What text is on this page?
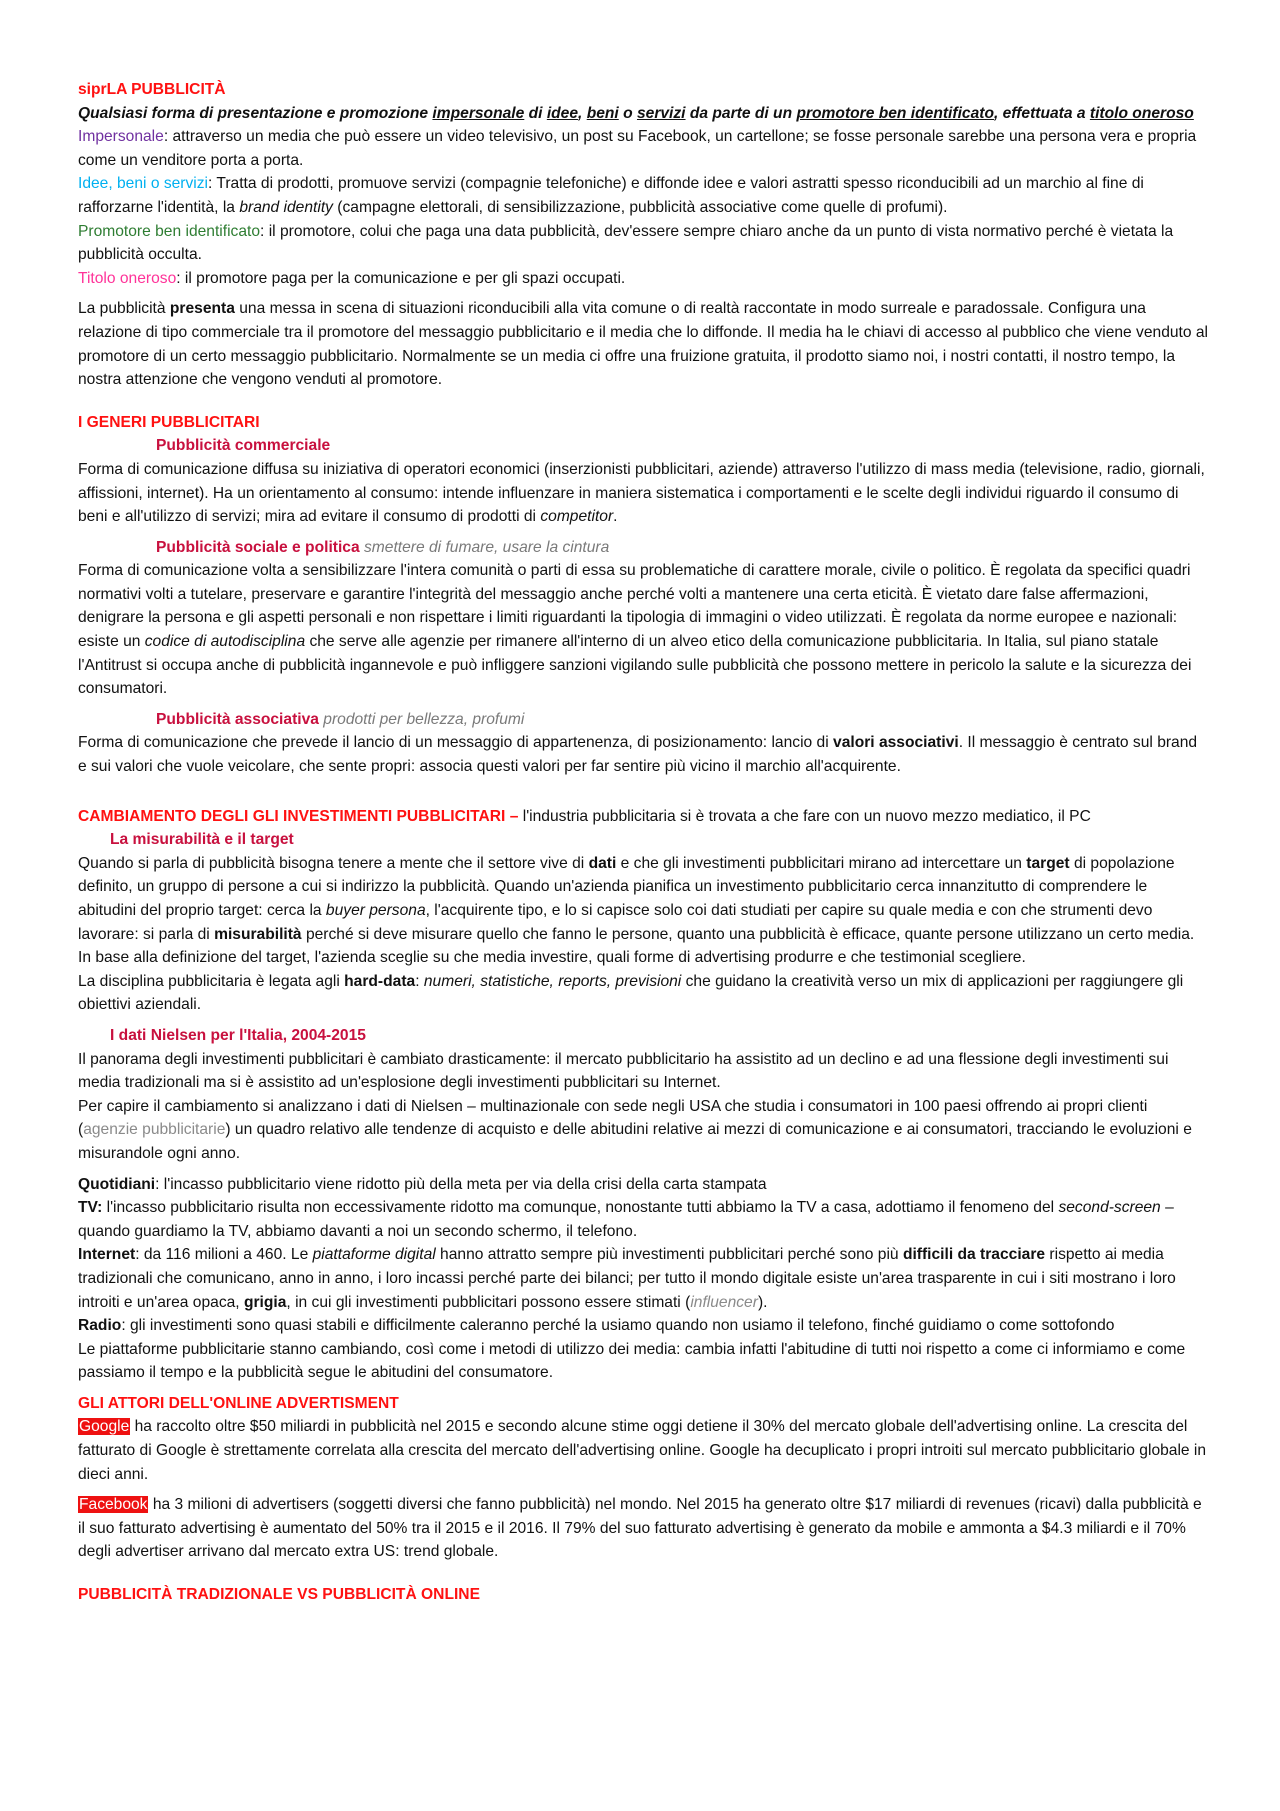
siprLA PUBBLICITÀ

Qualsiasi forma di presentazione e promozione impersonale di idee, beni o servizi da parte di un promotore ben identificato, effettuata a titolo oneroso

Impersonale: attraverso un media che può essere un video televisivo, un post su Facebook, un cartellone; se fosse personale sarebbe una persona vera e propria come un venditore porta a porta.

Idee, beni o servizi: Tratta di prodotti, promuove servizi (compagnie telefoniche) e diffonde idee e valori astratti spesso riconducibili ad un marchio al fine di rafforzarne l'identità, la brand identity (campagne elettorali, di sensibilizzazione, pubblicità associative come quelle di profumi).

Promotore ben identificato: il promotore, colui che paga una data pubblicità, dev'essere sempre chiaro anche da un punto di vista normativo perché è vietata la pubblicità occulta.

Titolo oneroso: il promotore paga per la comunicazione e per gli spazi occupati.

La pubblicità presenta una messa in scena di situazioni riconducibili alla vita comune o di realtà raccontate in modo surreale e paradossale. Configura una relazione di tipo commerciale tra il promotore del messaggio pubblicitario e il media che lo diffonde. Il media ha le chiavi di accesso al pubblico che viene venduto al promotore di un certo messaggio pubblicitario. Normalmente se un media ci offre una fruizione gratuita, il prodotto siamo noi, i nostri contatti, il nostro tempo, la nostra attenzione che vengono venduti al promotore.

I GENERI PUBBLICITARI

Pubblicità commerciale

Forma di comunicazione diffusa su iniziativa di operatori economici (inserzionisti pubblicitari, aziende) attraverso l'utilizzo di mass media (televisione, radio, giornali, affissioni, internet). Ha un orientamento al consumo: intende influenzare in maniera sistematica i comportamenti e le scelte degli individui riguardo il consumo di beni e all'utilizzo di servizi; mira ad evitare il consumo di prodotti di competitor.

Pubblicità sociale e politica smettere di fumare, usare la cintura

Forma di comunicazione volta a sensibilizzare l'intera comunità o parti di essa su problematiche di carattere morale, civile o politico. È regolata da specifici quadri normativi volti a tutelare, preservare e garantire l'integrità del messaggio anche perché volti a mantenere una certa eticità. È vietato dare false affermazioni, denigrare la persona e gli aspetti personali e non rispettare i limiti riguardanti la tipologia di immagini o video utilizzati. È regolata da norme europee e nazionali: esiste un codice di autodisciplina che serve alle agenzie per rimanere all'interno di un alveo etico della comunicazione pubblicitaria. In Italia, sul piano statale l'Antitrust si occupa anche di pubblicità ingannevole e può infliggere sanzioni vigilando sulle pubblicità che possono mettere in pericolo la salute e la sicurezza dei consumatori.

Pubblicità associativa prodotti per bellezza, profumi

Forma di comunicazione che prevede il lancio di un messaggio di appartenenza, di posizionamento: lancio di valori associativi. Il messaggio è centrato sul brand e sui valori che vuole veicolare, che sente propri: associa questi valori per far sentire più vicino il marchio all'acquirente.

CAMBIAMENTO DEGLI GLI INVESTIMENTI PUBBLICITARI – l'industria pubblicitaria si è trovata a che fare con un nuovo mezzo mediatico, il PC

La misurabilità e il target

Quando si parla di pubblicità bisogna tenere a mente che il settore vive di dati e che gli investimenti pubblicitari mirano ad intercettare un target di popolazione definito, un gruppo di persone a cui si indirizzo la pubblicità. Quando un'azienda pianifica un investimento pubblicitario cerca innanzitutto di comprendere le abitudini del proprio target: cerca la buyer persona, l'acquirente tipo, e lo si capisce solo coi dati studiati per capire su quale media e con che strumenti devo lavorare: si parla di misurabilità perché si deve misurare quello che fanno le persone, quanto una pubblicità è efficace, quante persone utilizzano un certo media.

In base alla definizione del target, l'azienda sceglie su che media investire, quali forme di advertising produrre e che testimonial scegliere.

La disciplina pubblicitaria è legata agli hard-data: numeri, statistiche, reports, previsioni che guidano la creatività verso un mix di applicazioni per raggiungere gli obiettivi aziendali.

I dati Nielsen per l'Italia, 2004-2015

Il panorama degli investimenti pubblicitari è cambiato drasticamente: il mercato pubblicitario ha assistito ad un declino e ad una flessione degli investimenti sui media tradizionali ma si è assistito ad un'esplosione degli investimenti pubblicitari su Internet.

Per capire il cambiamento si analizzano i dati di Nielsen – multinazionale con sede negli USA che studia i consumatori in 100 paesi offrendo ai propri clienti (agenzie pubblicitarie) un quadro relativo alle tendenze di acquisto e delle abitudini relative ai mezzi di comunicazione e ai consumatori, tracciando le evoluzioni e misurandole ogni anno.

Quotidiani: l'incasso pubblicitario viene ridotto più della meta per via della crisi della carta stampata

TV: l'incasso pubblicitario risulta non eccessivamente ridotto ma comunque, nonostante tutti abbiamo la TV a casa, adottiamo il fenomeno del second-screen – quando guardiamo la TV, abbiamo davanti a noi un secondo schermo, il telefono.

Internet: da 116 milioni a 460. Le piattaforme digital hanno attratto sempre più investimenti pubblicitari perché sono più difficili da tracciare rispetto ai media tradizionali che comunicano, anno in anno, i loro incassi perché parte dei bilanci; per tutto il mondo digitale esiste un'area trasparente in cui i siti mostrano i loro introiti e un'area opaca, grigia, in cui gli investimenti pubblicitari possono essere stimati (influencer).

Radio: gli investimenti sono quasi stabili e difficilmente caleranno perché la usiamo quando non usiamo il telefono, finché guidiamo o come sottofondo

Le piattaforme pubblicitarie stanno cambiando, così come i metodi di utilizzo dei media: cambia infatti l'abitudine di tutti noi rispetto a come ci informiamo e come passiamo il tempo e la pubblicità segue le abitudini del consumatore.

GLI ATTORI DELL'ONLINE ADVERTISMENT

Google ha raccolto oltre $50 miliardi in pubblicità nel 2015 e secondo alcune stime oggi detiene il 30% del mercato globale dell'advertising online. La crescita del fatturato di Google è strettamente correlata alla crescita del mercato dell'advertising online. Google ha decuplicato i propri introiti sul mercato pubblicitario globale in dieci anni.

Facebook ha 3 milioni di advertisers (soggetti diversi che fanno pubblicità) nel mondo. Nel 2015 ha generato oltre $17 miliardi di revenues (ricavi) dalla pubblicità e il suo fatturato advertising è aumentato del 50% tra il 2015 e il 2016. Il 79% del suo fatturato advertising è generato da mobile e ammonta a $4.3 miliardi e il 70% degli advertiser arrivano dal mercato extra US: trend globale.

PUBBLICITÀ TRADIZIONALE VS PUBBLICITÀ ONLINE
